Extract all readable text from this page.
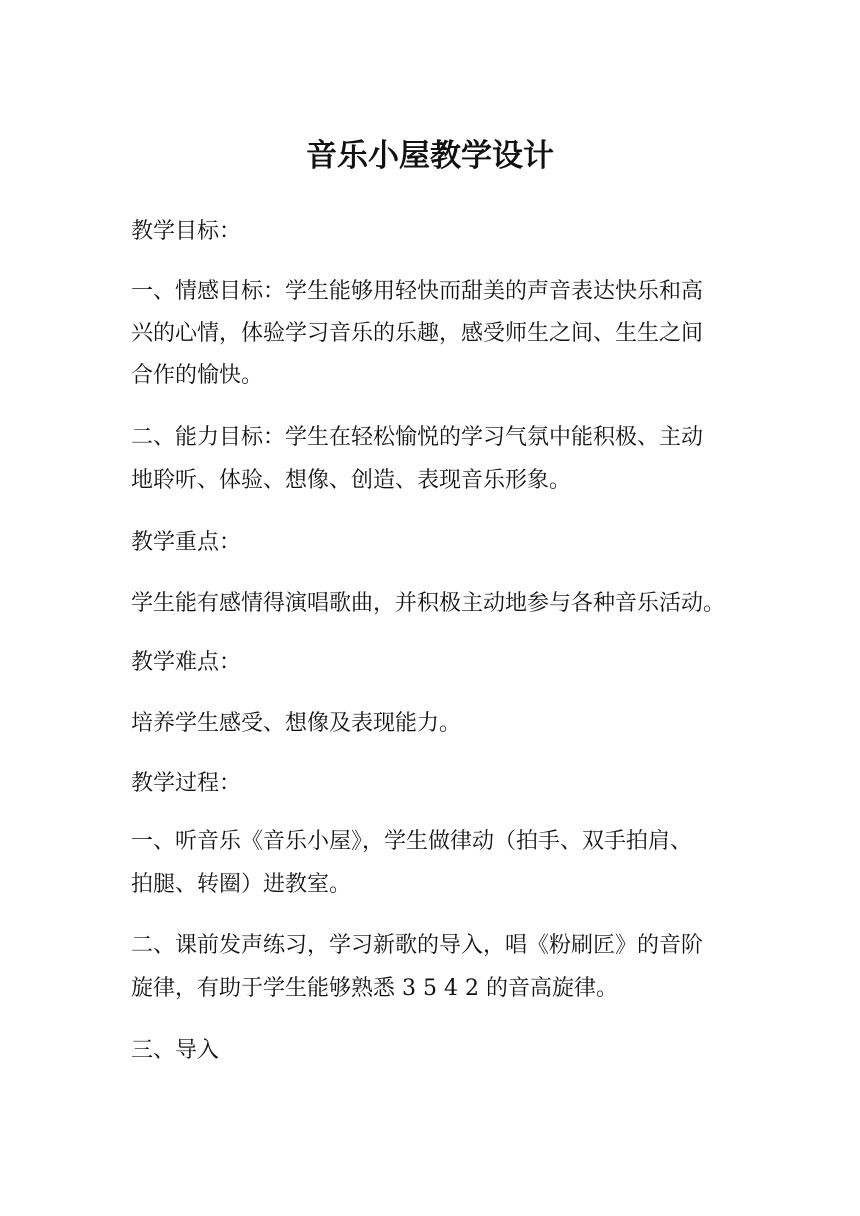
音乐小屋教学设计
教学目标：
一、情感目标：学生能够用轻快而甜美的声音表达快乐和高
兴的心情，体验学习音乐的乐趣，感受师生之间、生生之间
合作的愉快。
二、能力目标：学生在轻松愉悦的学习气氛中能积极、主动
地聆听、体验、想像、创造、表现音乐形象。
教学重点：
学生能有感情得演唱歌曲，并积极主动地参与各种音乐活动。
教学难点：
培养学生感受、想像及表现能力。
教学过程：
一、听音乐《音乐小屋》，学生做律动（拍手、双手拍肩、
拍腿、转圈）进教室。
二、课前发声练习，学习新歌的导入，唱《粉刷匠》的音阶
旋律，有助于学生能够熟悉 3 5 4 2 的音高旋律。
三、导入
